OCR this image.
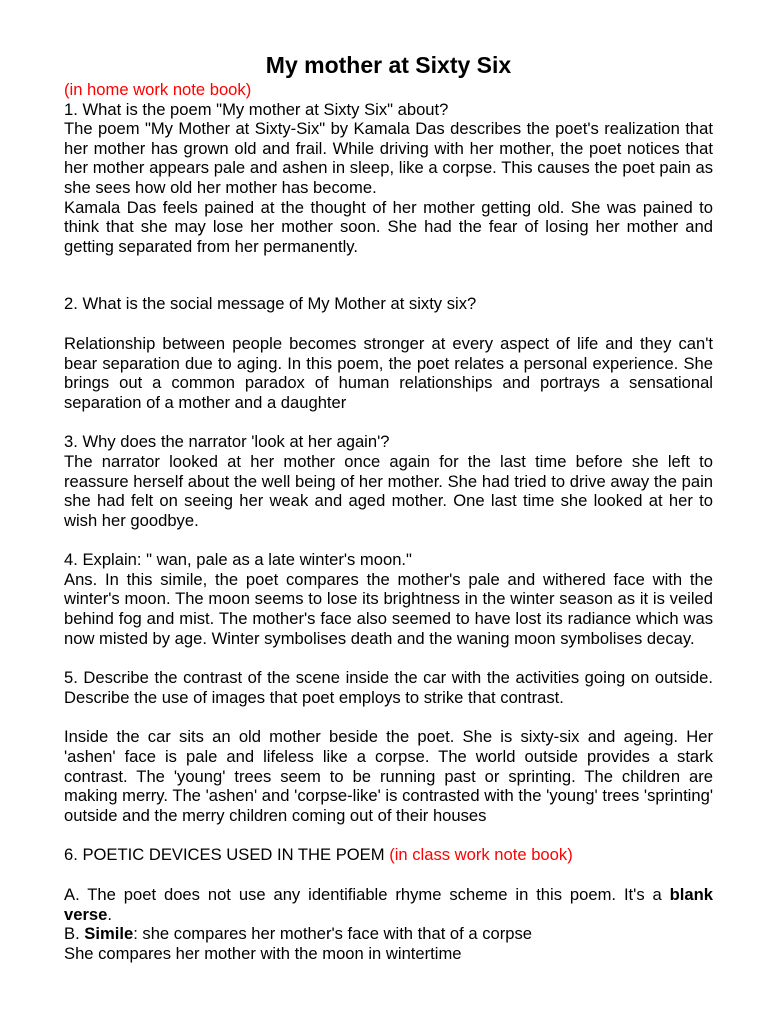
My mother at Sixty Six

(in home work note book)

1. What is the poem "My mother at Sixty Six" about?

The poem "My Mother at Sixty-Six" by Kamala Das describes the poet's realization that her mother has grown old and frail. While driving with her mother, the poet notices that her mother appears pale and ashen in sleep, like a corpse. This causes the poet pain as she sees how old her mother has become.

Kamala Das feels pained at the thought of her mother getting old. She was pained to think that she may lose her mother soon. She had the fear of losing her mother and getting separated from her permanently.

2. What is the social message of My Mother at sixty six?

Relationship between people becomes stronger at every aspect of life and they can't bear separation due to aging. In this poem, the poet relates a personal experience. She brings out a common paradox of human relationships and portrays a sensational separation of a mother and a daughter

3. Why does the narrator 'look at her again'?

The narrator looked at her mother once again for the last time before she left to reassure herself about the well being of her mother. She had tried to drive away the pain she had felt on seeing her weak and aged mother. One last time she looked at her to wish her goodbye.

4. Explain: " wan, pale as a late winter's moon."

Ans. In this simile, the poet compares the mother's pale and withered face with the winter's moon. The moon seems to lose its brightness in the winter season as it is veiled behind fog and mist. The mother's face also seemed to have lost its radiance which was now misted by age. Winter symbolises death and the waning moon symbolises decay.

5. Describe the contrast of the scene inside the car with the activities going on outside. Describe the use of images that poet employs to strike that contrast.

Inside the car sits an old mother beside the poet. She is sixty-six and ageing. Her 'ashen' face is pale and lifeless like a corpse. The world outside provides a stark contrast. The 'young' trees seem to be running past or sprinting. The children are making merry. The 'ashen' and 'corpse-like' is contrasted with the 'young' trees 'sprinting' outside and the merry children coming out of their houses

6. POETIC DEVICES USED IN THE POEM (in class work note book)

A. The poet does not use any identifiable rhyme scheme in this poem. It's a blank verse.

B. Simile: she compares her mother's face with that of a corpse

She compares her mother with the moon in wintertime
